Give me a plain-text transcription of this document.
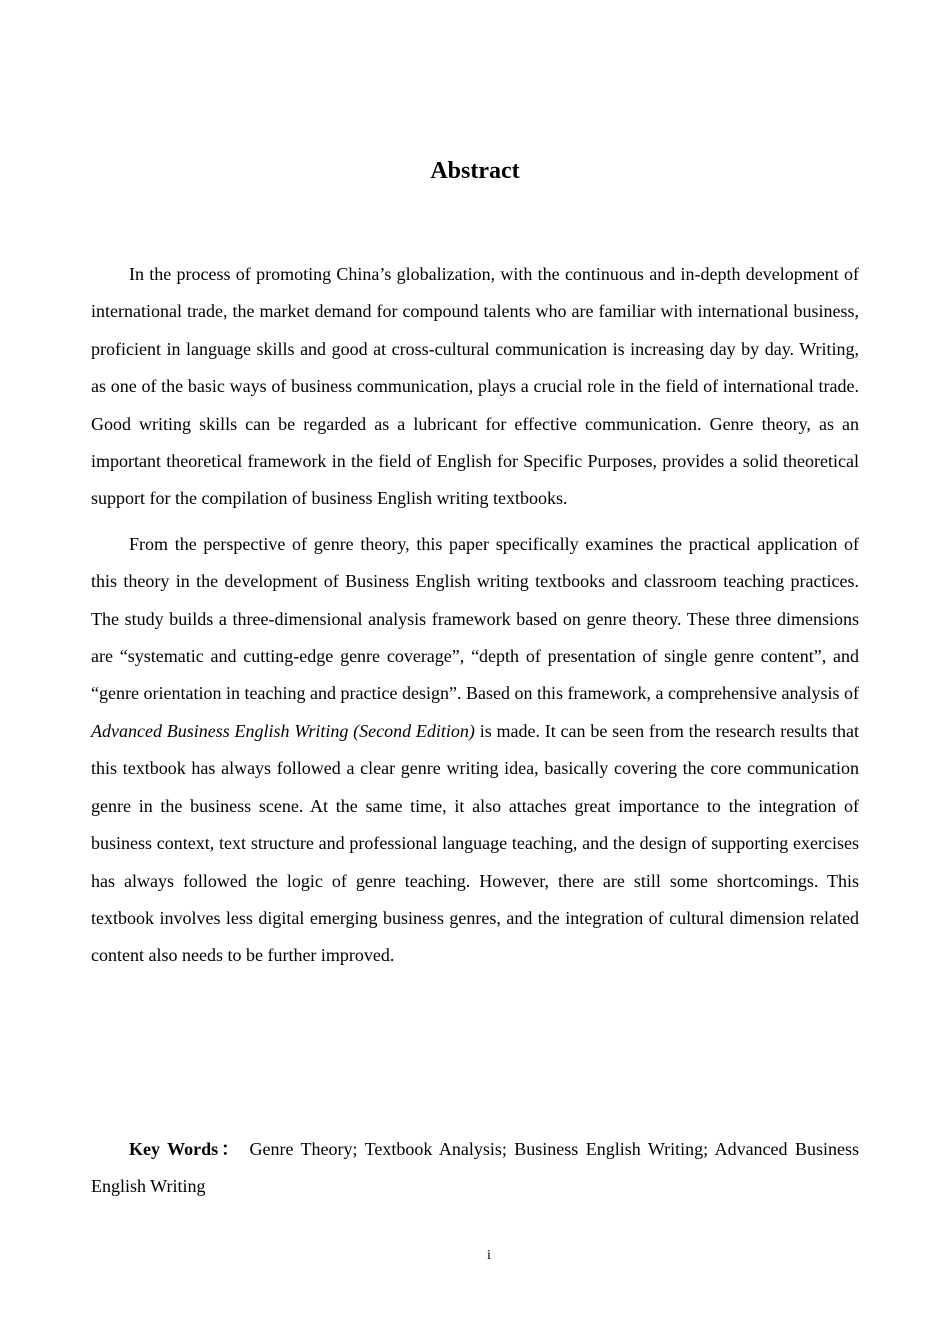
Abstract

In the process of promoting China’s globalization, with the continuous and in-depth development of international trade, the market demand for compound talents who are familiar with international business, proficient in language skills and good at cross-cultural communication is increasing day by day. Writing, as one of the basic ways of business communication, plays a crucial role in the field of international trade. Good writing skills can be regarded as a lubricant for effective communication. Genre theory, as an important theoretical framework in the field of English for Specific Purposes, provides a solid theoretical support for the compilation of business English writing textbooks.

From the perspective of genre theory, this paper specifically examines the practical application of this theory in the development of Business English writing textbooks and classroom teaching practices. The study builds a three-dimensional analysis framework based on genre theory. These three dimensions are “systematic and cutting-edge genre coverage”, “depth of presentation of single genre content”, and “genre orientation in teaching and practice design”. Based on this framework, a comprehensive analysis of Advanced Business English Writing (Second Edition) is made. It can be seen from the research results that this textbook has always followed a clear genre writing idea, basically covering the core communication genre in the business scene. At the same time, it also attaches great importance to the integration of business context, text structure and professional language teaching, and the design of supporting exercises has always followed the logic of genre teaching. However, there are still some shortcomings. This textbook involves less digital emerging business genres, and the integration of cultural dimension related content also needs to be further improved.

Key Words： Genre Theory; Textbook Analysis; Business English Writing; Advanced Business English Writing

i
